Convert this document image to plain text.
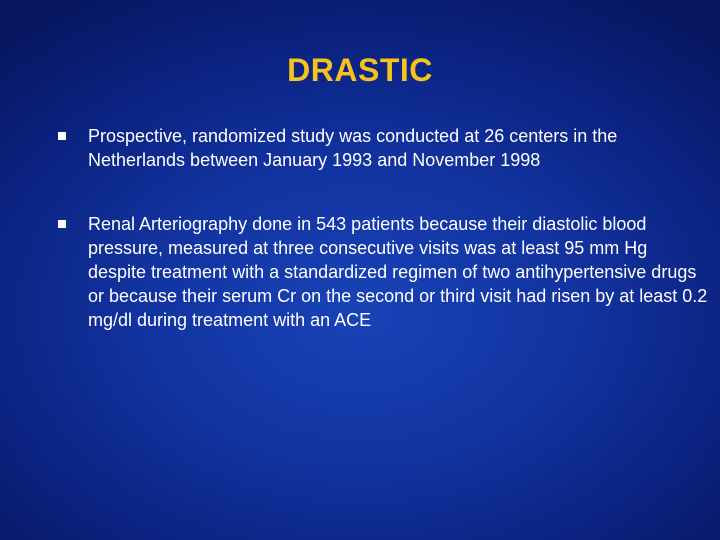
DRASTIC
Prospective, randomized study was conducted at 26 centers in the Netherlands between January 1993 and November 1998
Renal Arteriography done in 543 patients because their diastolic blood pressure, measured at three consecutive visits was at least 95 mm Hg despite treatment with a standardized regimen of two antihypertensive drugs or because their serum Cr on the second or third visit had risen by at least 0.2 mg/dl during treatment with an ACE
